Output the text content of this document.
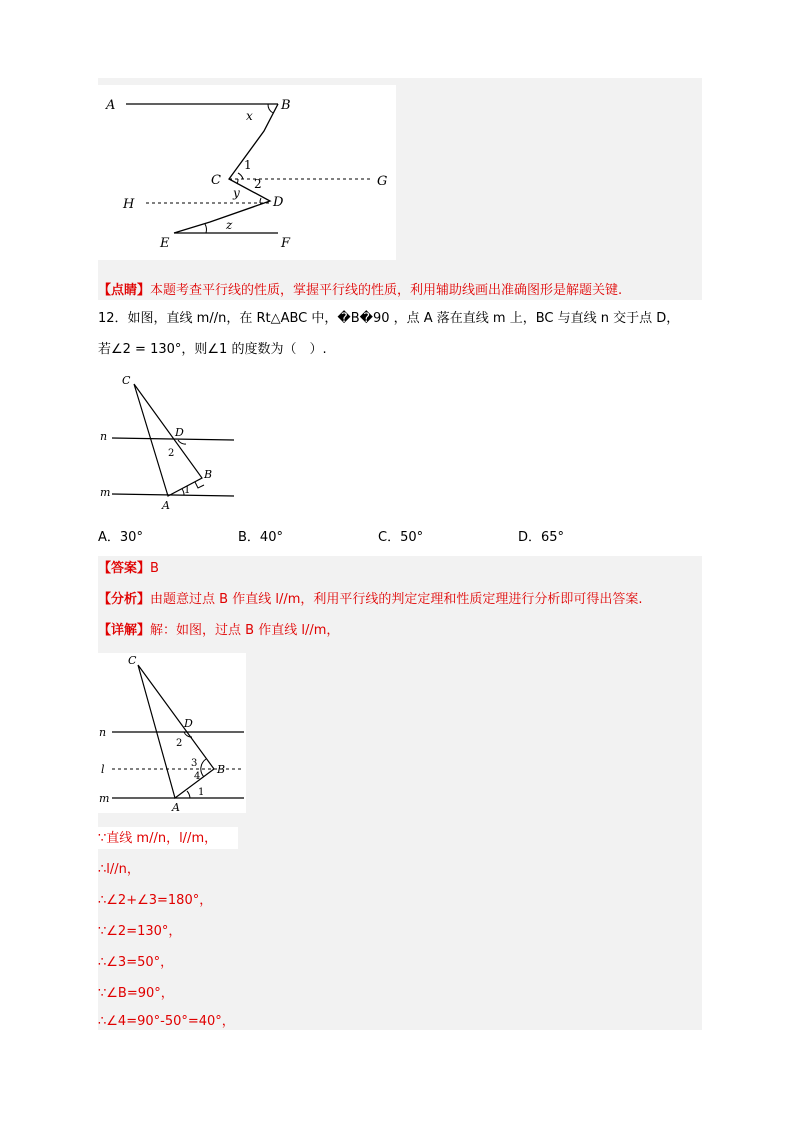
A	B
x
1
C	2	G
y
H	D
z
E	F
【点睛】本题考查平行线的性质，掌握平行线的性质，利用辅助线画出准确图形是解题关键.
12．如图，直线 m//n，在 Rt△ABC 中，�B�90 ，点 A 落在直线 m 上，BC 与直线 n 交于点 D，
若∠2 = 130°，则∠1 的度数为（　）.
C
D
2
B
1
A
n
m
A．30°	B．40°	C．50°	D．65°
【答案】B
【分析】由题意过点 B 作直线 l//m，利用平行线的判定定理和性质定理进行分析即可得出答案.
【详解】解：如图，过点 B 作直线 l//m，
C
D
2
3
4
B
1
A
n
l
m
∵直线 m//n，l//m，
∴l//n，
∴∠2+∠3=180°，
∵∠2=130°，
∴∠3=50°，
∵∠B=90°，
∴∠4=90°-50°=40°，
